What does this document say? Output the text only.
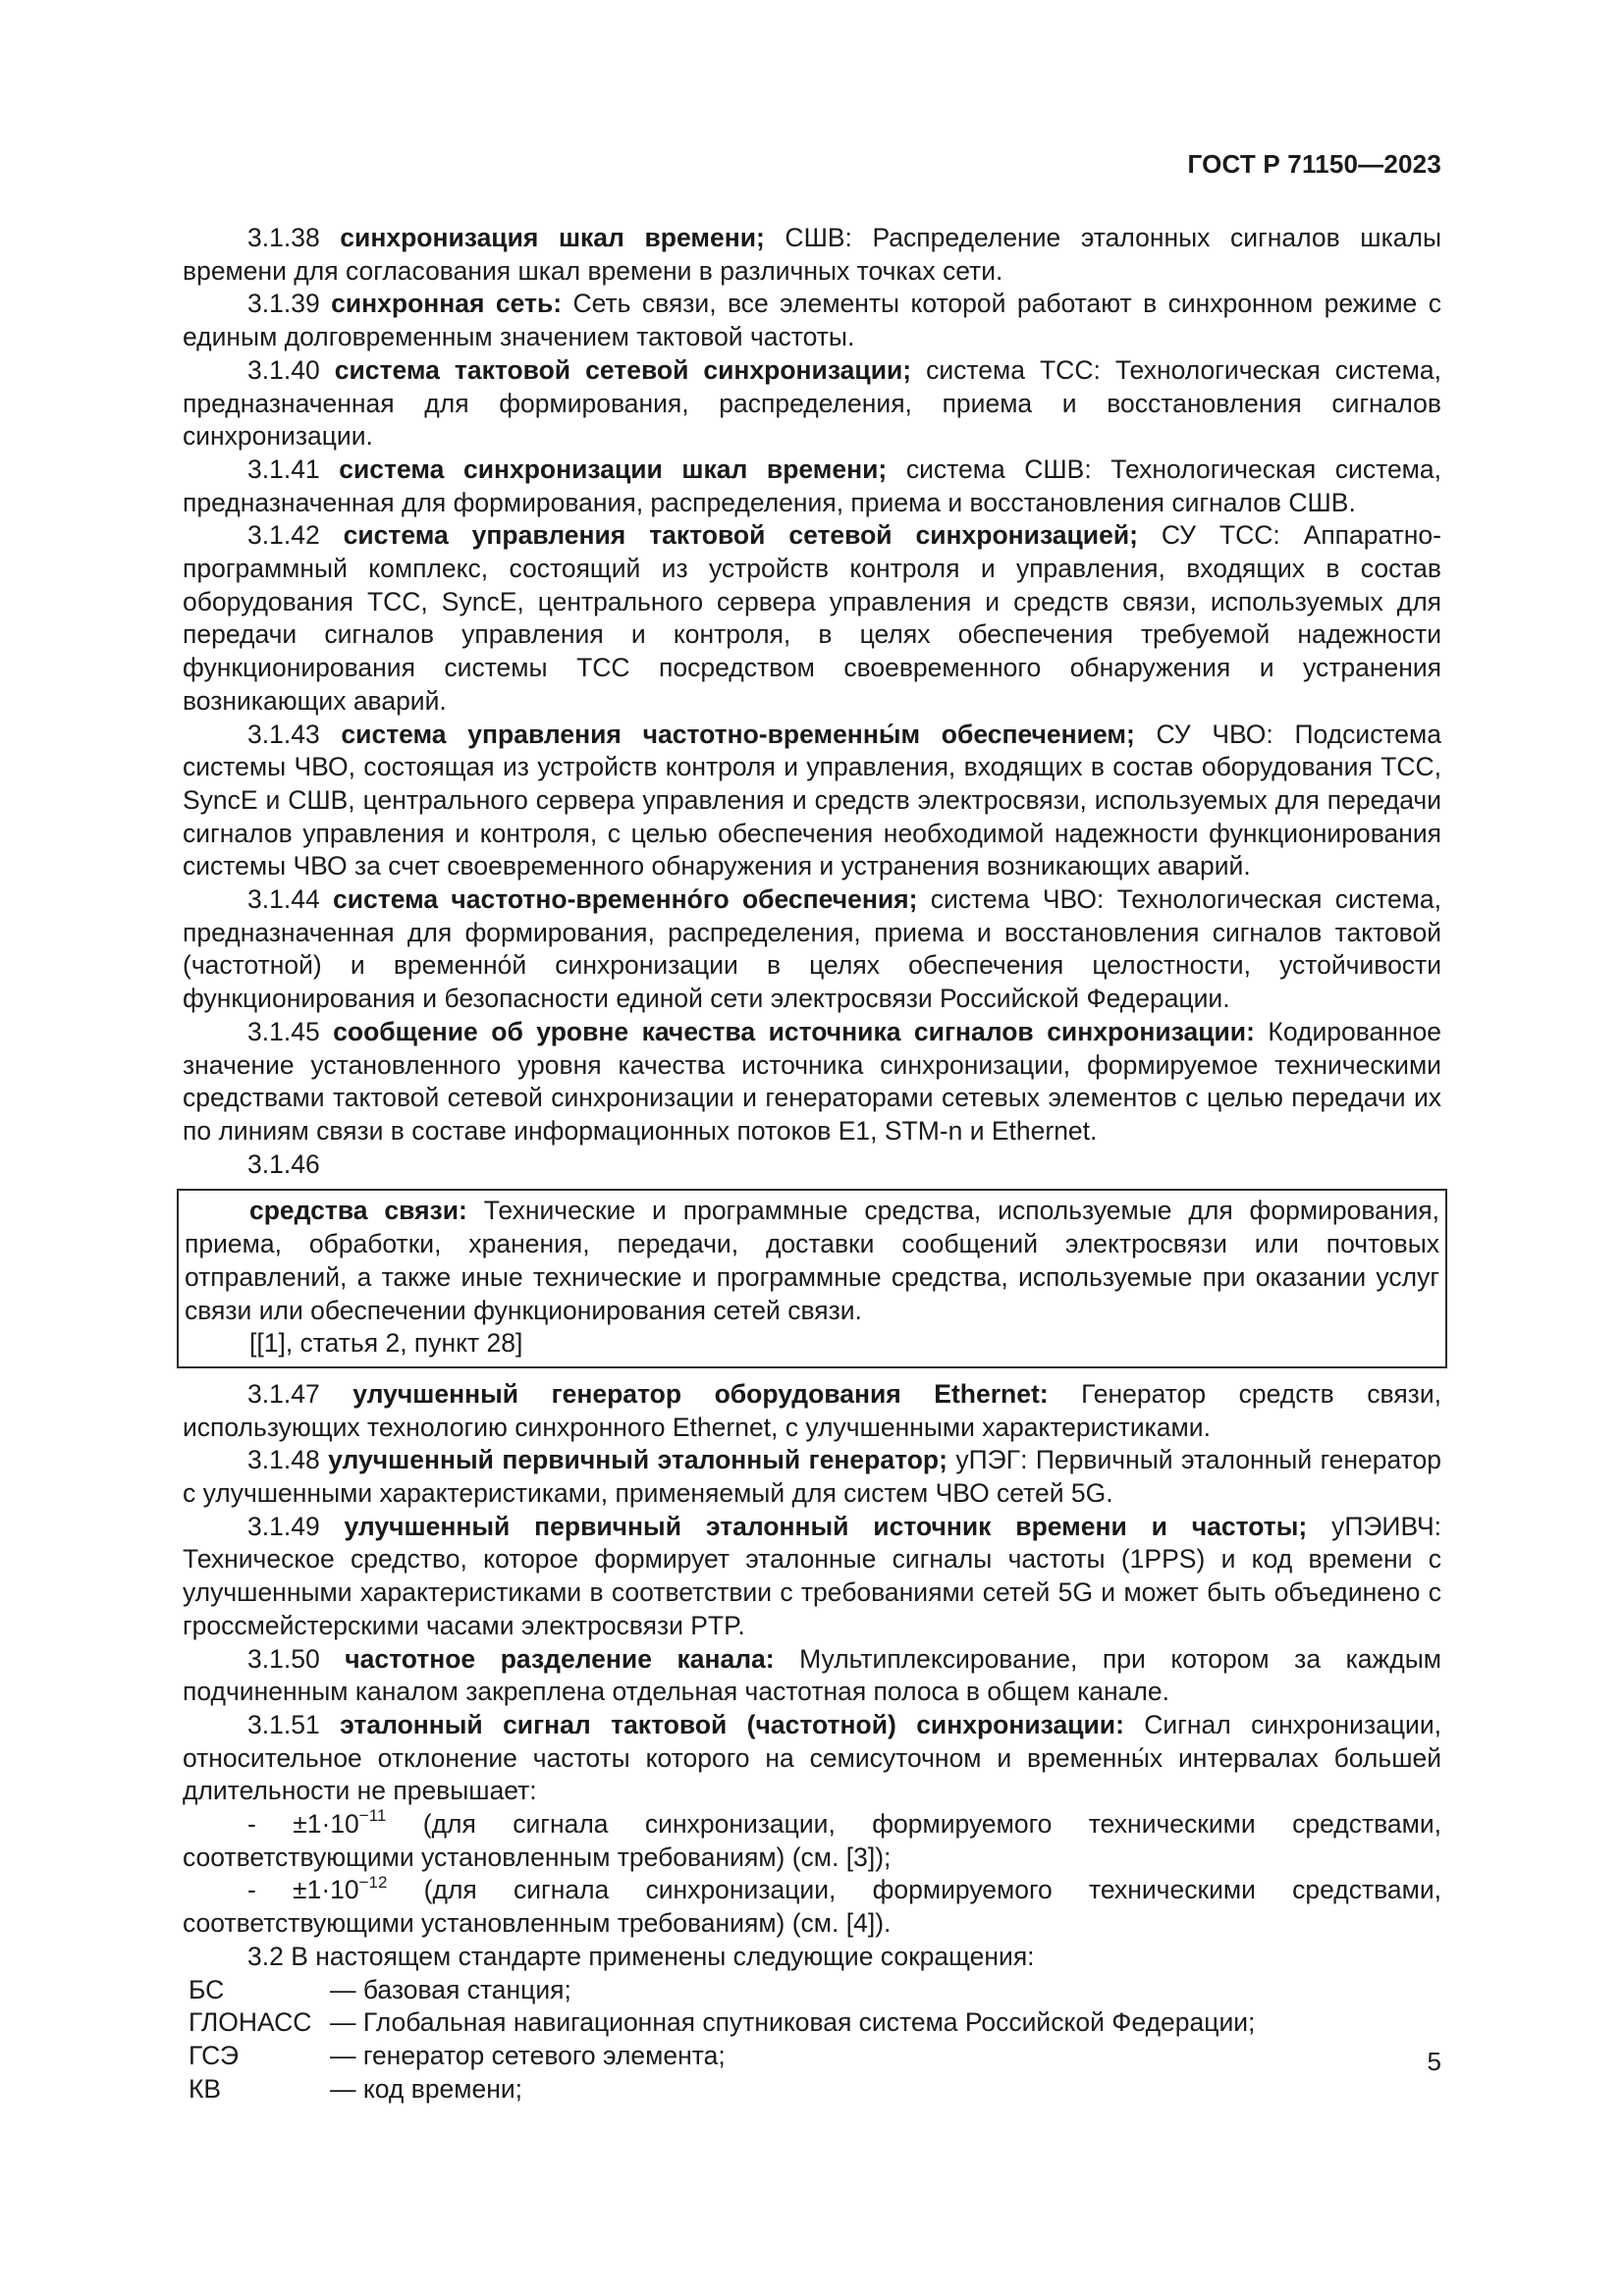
ГОСТ Р 71150—2023

3.1.38 синхронизация шкал времени; СШВ: Распределение эталонных сигналов шкалы времени для согласования шкал времени в различных точках сети.

3.1.39 синхронная сеть: Сеть связи, все элементы которой работают в синхронном режиме с единым долговременным значением тактовой частоты.

3.1.40 система тактовой сетевой синхронизации; система ТСС: Технологическая система, предназначенная для формирования, распределения, приема и восстановления сигналов синхронизации.

3.1.41 система синхронизации шкал времени; система СШВ: Технологическая система, предназначенная для формирования, распределения, приема и восстановления сигналов СШВ.

3.1.42 система управления тактовой сетевой синхронизацией; СУ ТСС: Аппаратно-программный комплекс, состоящий из устройств контроля и управления, входящих в состав оборудования ТСС, SyncE, центрального сервера управления и средств связи, используемых для передачи сигналов управления и контроля, в целях обеспечения требуемой надежности функционирования системы ТСС посредством своевременного обнаружения и устранения возникающих аварий.

3.1.43 система управления частотно-временны́м обеспечением; СУ ЧВО: Подсистема системы ЧВО, состоящая из устройств контроля и управления, входящих в состав оборудования ТСС, SyncE и СШВ, центрального сервера управления и средств электросвязи, используемых для передачи сигналов управления и контроля, с целью обеспечения необходимой надежности функционирования системы ЧВО за счет своевременного обнаружения и устранения возникающих аварий.

3.1.44 система частотно-временно́го обеспечения; система ЧВО: Технологическая система, предназначенная для формирования, распределения, приема и восстановления сигналов тактовой (частотной) и временно́й синхронизации в целях обеспечения целостности, устойчивости функционирования и безопасности единой сети электросвязи Российской Федерации.

3.1.45 сообщение об уровне качества источника сигналов синхронизации: Кодированное значение установленного уровня качества источника синхронизации, формируемое техническими средствами тактовой сетевой синхронизации и генераторами сетевых элементов с целью передачи их по линиям связи в составе информационных потоков E1, STM-n и Ethernet.

3.1.46

средства связи: Технические и программные средства, используемые для формирования, приема, обработки, хранения, передачи, доставки сообщений электросвязи или почтовых отправлений, а также иные технические и программные средства, используемые при оказании услуг связи или обеспечении функционирования сетей связи.

[[1], статья 2, пункт 28]

3.1.47 улучшенный генератор оборудования Ethernet: Генератор средств связи, использующих технологию синхронного Ethernet, с улучшенными характеристиками.

3.1.48 улучшенный первичный эталонный генератор; уПЭГ: Первичный эталонный генератор с улучшенными характеристиками, применяемый для систем ЧВО сетей 5G.

3.1.49 улучшенный первичный эталонный источник времени и частоты; уПЭИВЧ: Техническое средство, которое формирует эталонные сигналы частоты (1PPS) и код времени с улучшенными характеристиками в соответствии с требованиями сетей 5G и может быть объединено с гроссмейстерскими часами электросвязи PTP.

3.1.50 частотное разделение канала: Мультиплексирование, при котором за каждым подчиненным каналом закреплена отдельная частотная полоса в общем канале.

3.1.51 эталонный сигнал тактовой (частотной) синхронизации: Сигнал синхронизации, относительное отклонение частоты которого на семисуточном и временны́х интервалах большей длительности не превышает:

- $\pm 1\cdot 10^{-11}$ (для сигнала синхронизации, формируемого техническими средствами, соответствующими установленным требованиям) (см. [3]);

- $\pm 1\cdot 10^{-12}$ (для сигнала синхронизации, формируемого техническими средствами, соответствующими установленным требованиям) (см. [4]).

3.2 В настоящем стандарте применены следующие сокращения:

БС	— базовая станция;
ГЛОНАСС — Глобальная навигационная спутниковая система Российской Федерации;
ГСЭ	— генератор сетевого элемента;
КВ	— код времени;
5
